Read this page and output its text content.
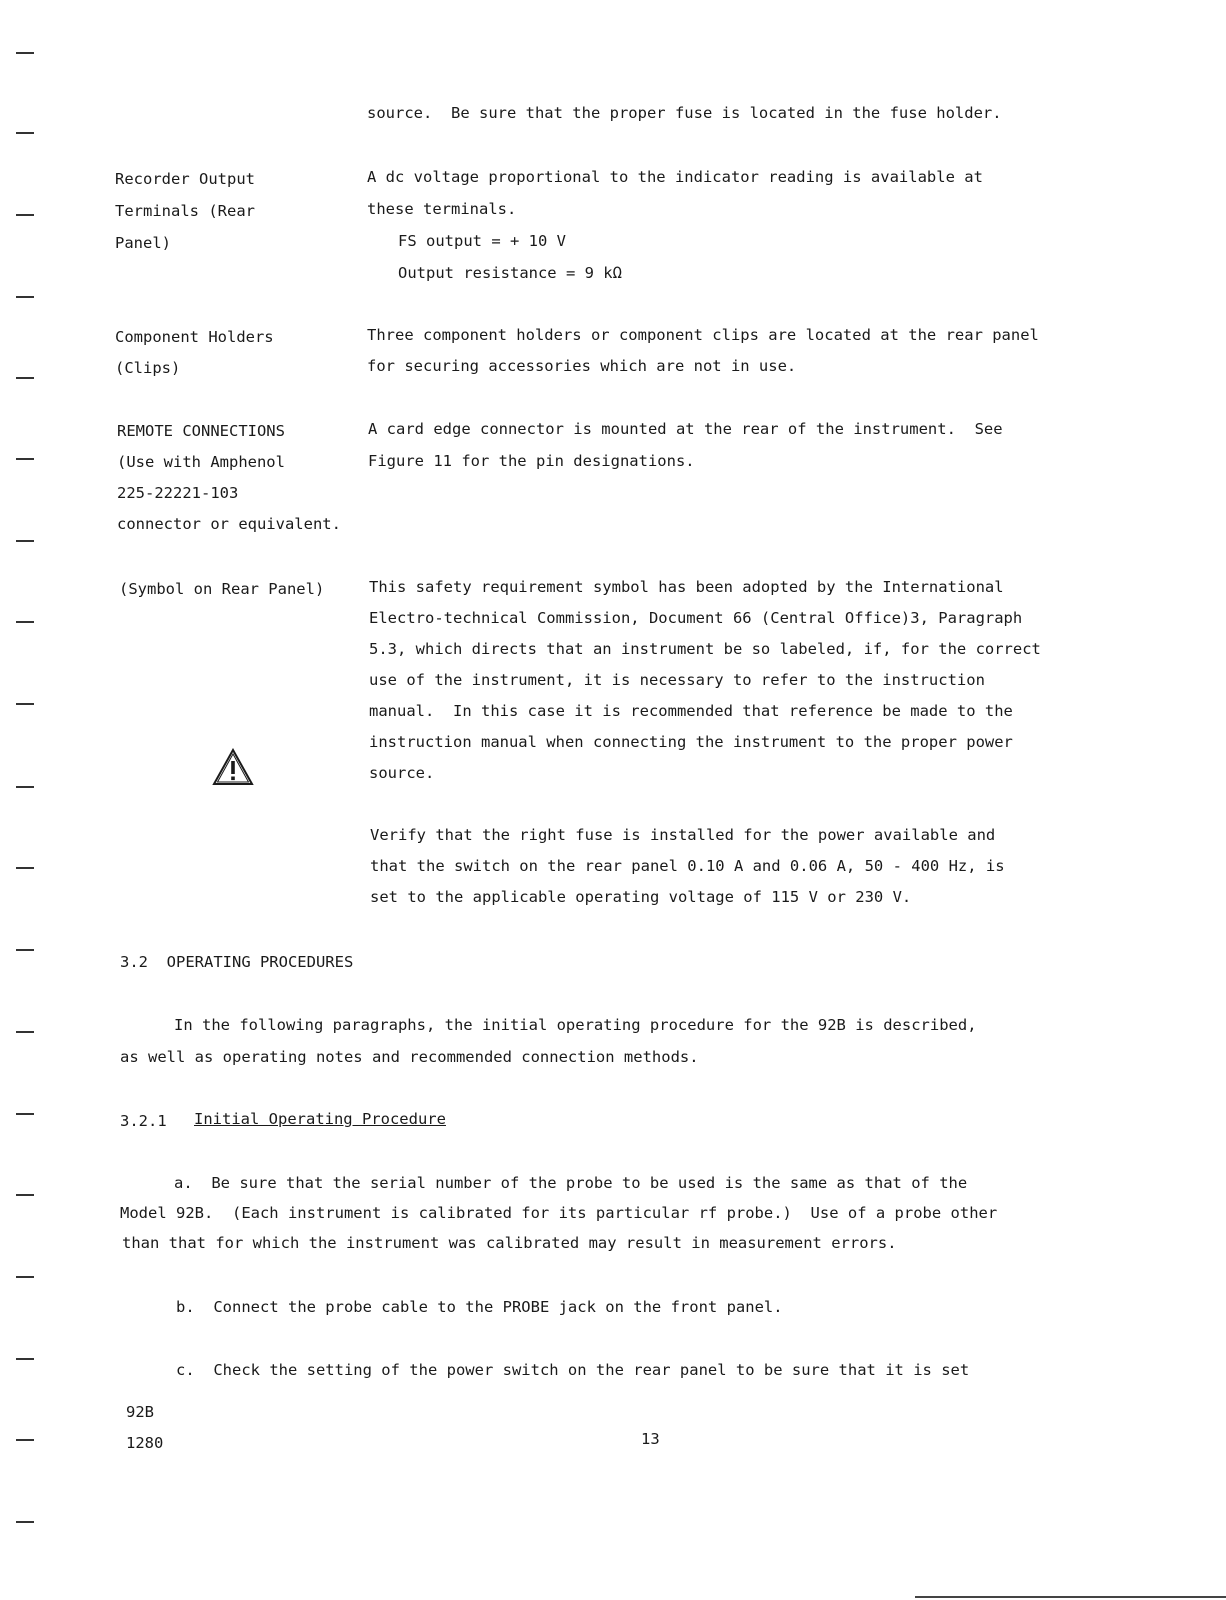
source.  Be sure that the proper fuse is located in the fuse holder.
Recorder Output
Terminals (Rear
Panel)
A dc voltage proportional to the indicator reading is available at
these terminals.
FS output = + 10 V
Output resistance = 9 kΩ
Component Holders
(Clips)
Three component holders or component clips are located at the rear panel
for securing accessories which are not in use.
REMOTE CONNECTIONS
(Use with Amphenol
225-22221-103
connector or equivalent.
A card edge connector is mounted at the rear of the instrument.  See
Figure 11 for the pin designations.
(Symbol on Rear Panel)	This safety requirement symbol has been adopted by the International
Electro-technical Commission, Document 66 (Central Office)3, Paragraph
5.3, which directs that an instrument be so labeled, if, for the correct
use of the instrument, it is necessary to refer to the instruction
manual.  In this case it is recommended that reference be made to the
instruction manual when connecting the instrument to the proper power
source.
Verify that the right fuse is installed for the power available and
that the switch on the rear panel 0.10 A and 0.06 A, 50 - 400 Hz, is
set to the applicable operating voltage of 115 V or 230 V.
3.2  OPERATING PROCEDURES
In the following paragraphs, the initial operating procedure for the 92B is described,
as well as operating notes and recommended connection methods.
3.2.1 Initial Operating Procedure
a.  Be sure that the serial number of the probe to be used is the same as that of the
Model 92B.  (Each instrument is calibrated for its particular rf probe.)  Use of a probe other
than that for which the instrument was calibrated may result in measurement errors.
b.  Connect the probe cable to the PROBE jack on the front panel.
c.  Check the setting of the power switch on the rear panel to be sure that it is set
92B
1280	13
